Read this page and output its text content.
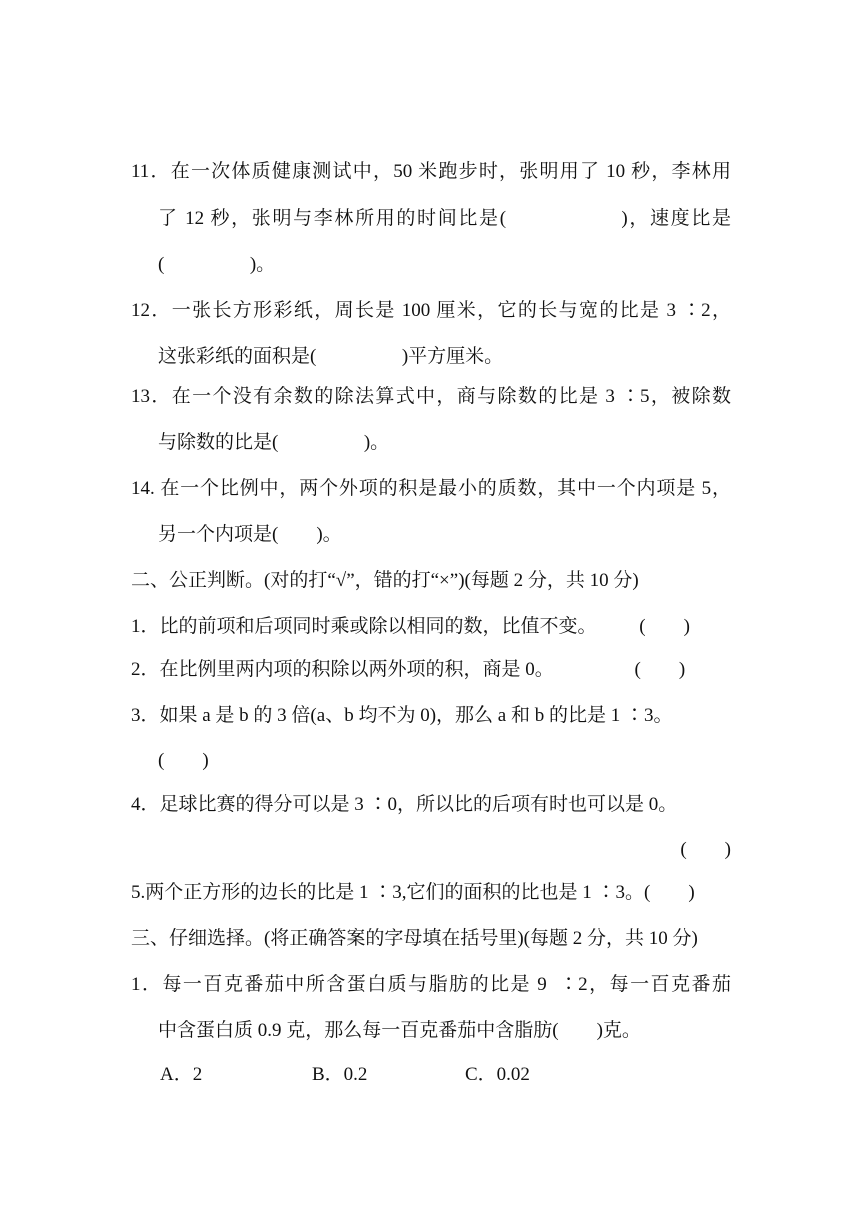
11．在一次体质健康测试中，50 米跑步时，张明用了 10 秒，李林用
了 12 秒，张明与李林所用的时间比是(                  )，速度比是
(                  )。
12．一张长方形彩纸，周长是 100 厘米，它的长与宽的比是 3 ∶2，
这张彩纸的面积是(                  )平方厘米。
13．在一个没有余数的除法算式中，商与除数的比是 3 ∶5，被除数
与除数的比是(                  )。
14. 在一个比例中，两个外项的积是最小的质数，其中一个内项是 5，
另一个内项是(        )。
二、公正判断。(对的打“√”，错的打“×”)(每题 2 分，共 10 分)
1．比的前项和后项同时乘或除以相同的数，比值不变。         (        )
2．在比例里两内项的积除以两外项的积，商是 0。                 (        )
3．如果 a 是 b 的 3 倍(a、b 均不为 0)，那么 a 和 b 的比是 1 ∶3。
(        )
4．足球比赛的得分可以是 3 ∶0，所以比的后项有时也可以是 0。
(        )
5.两个正方形的边长的比是 1 ∶3,它们的面积的比也是 1 ∶3。(        )
三、仔细选择。(将正确答案的字母填在括号里)(每题 2 分，共 10 分)
1．每一百克番茄中所含蛋白质与脂肪的比是 9  ∶2，每一百克番茄
中含蛋白质 0.9 克，那么每一百克番茄中含脂肪(        )克。
A．2	B．0.2	C．0.02
